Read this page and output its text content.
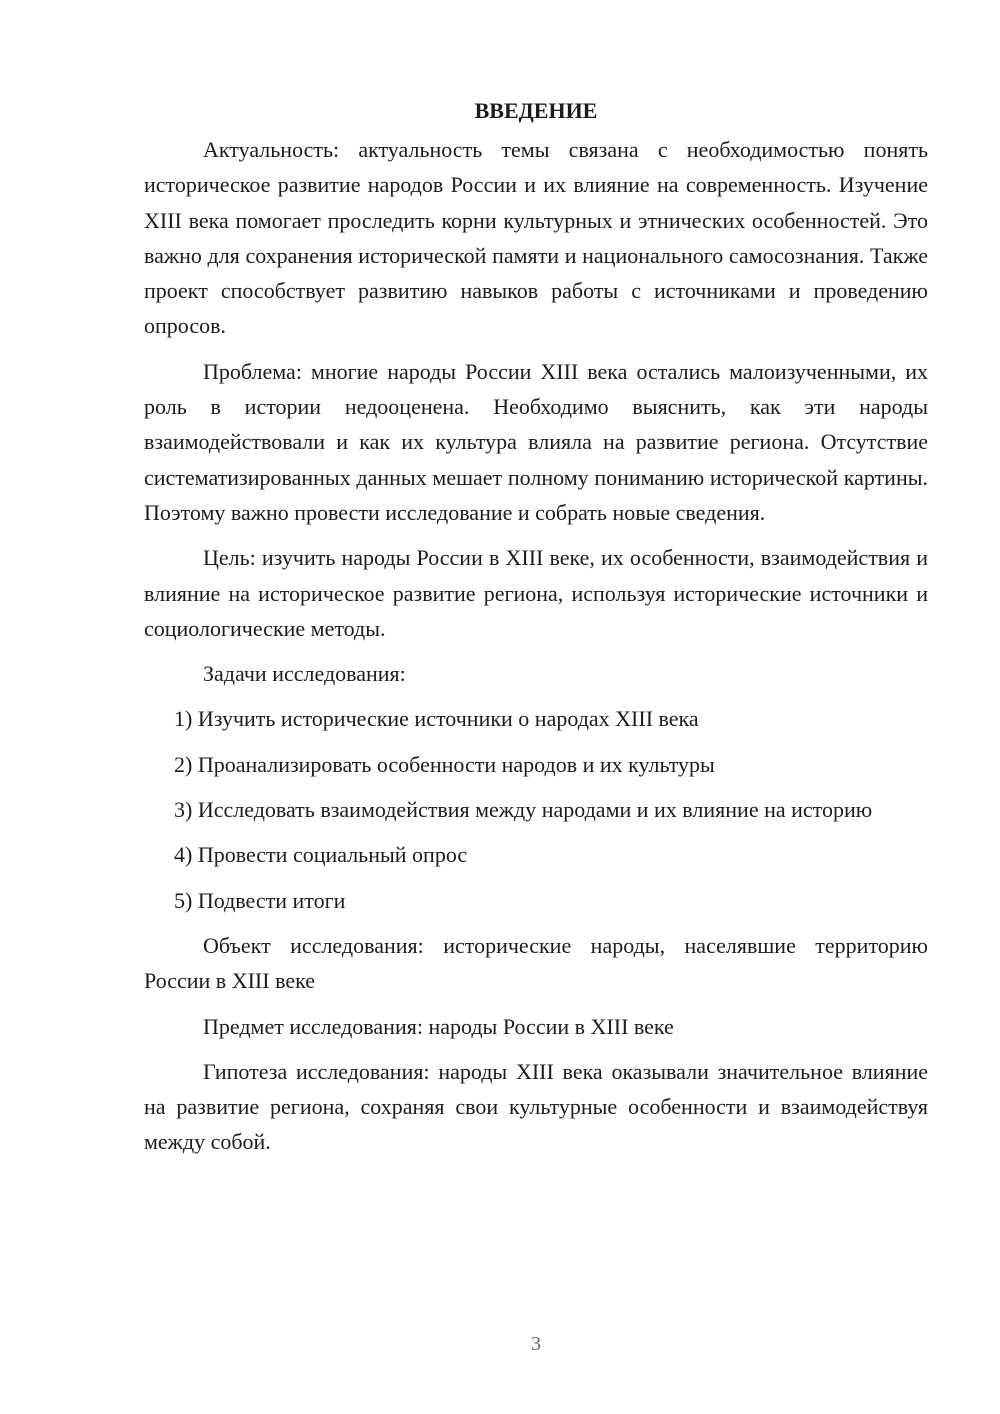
ВВЕДЕНИЕ

Актуальность: актуальность темы связана с необходимостью понять историческое развитие народов России и их влияние на современность. Изучение XIII века помогает проследить корни культурных и этнических особенностей. Это важно для сохранения исторической памяти и национального самосознания. Также проект способствует развитию навыков работы с источниками и проведению опросов.

Проблема: многие народы России XIII века остались малоизученными, их роль в истории недооценена. Необходимо выяснить, как эти народы взаимодействовали и как их культура влияла на развитие региона. Отсутствие систематизированных данных мешает полному пониманию исторической картины. Поэтому важно провести исследование и собрать новые сведения.

Цель: изучить народы России в XIII веке, их особенности, взаимодействия и влияние на историческое развитие региона, используя исторические источники и социологические методы.

Задачи исследования:

1) Изучить исторические источники о народах XIII века

2) Проанализировать особенности народов и их культуры

3) Исследовать взаимодействия между народами и их влияние на историю

4) Провести социальный опрос

5) Подвести итоги

Объект исследования: исторические народы, населявшие территорию России в XIII веке

Предмет исследования: народы России в XIII веке

Гипотеза исследования: народы XIII века оказывали значительное влияние на развитие региона, сохраняя свои культурные особенности и взаимодействуя между собой.

3
